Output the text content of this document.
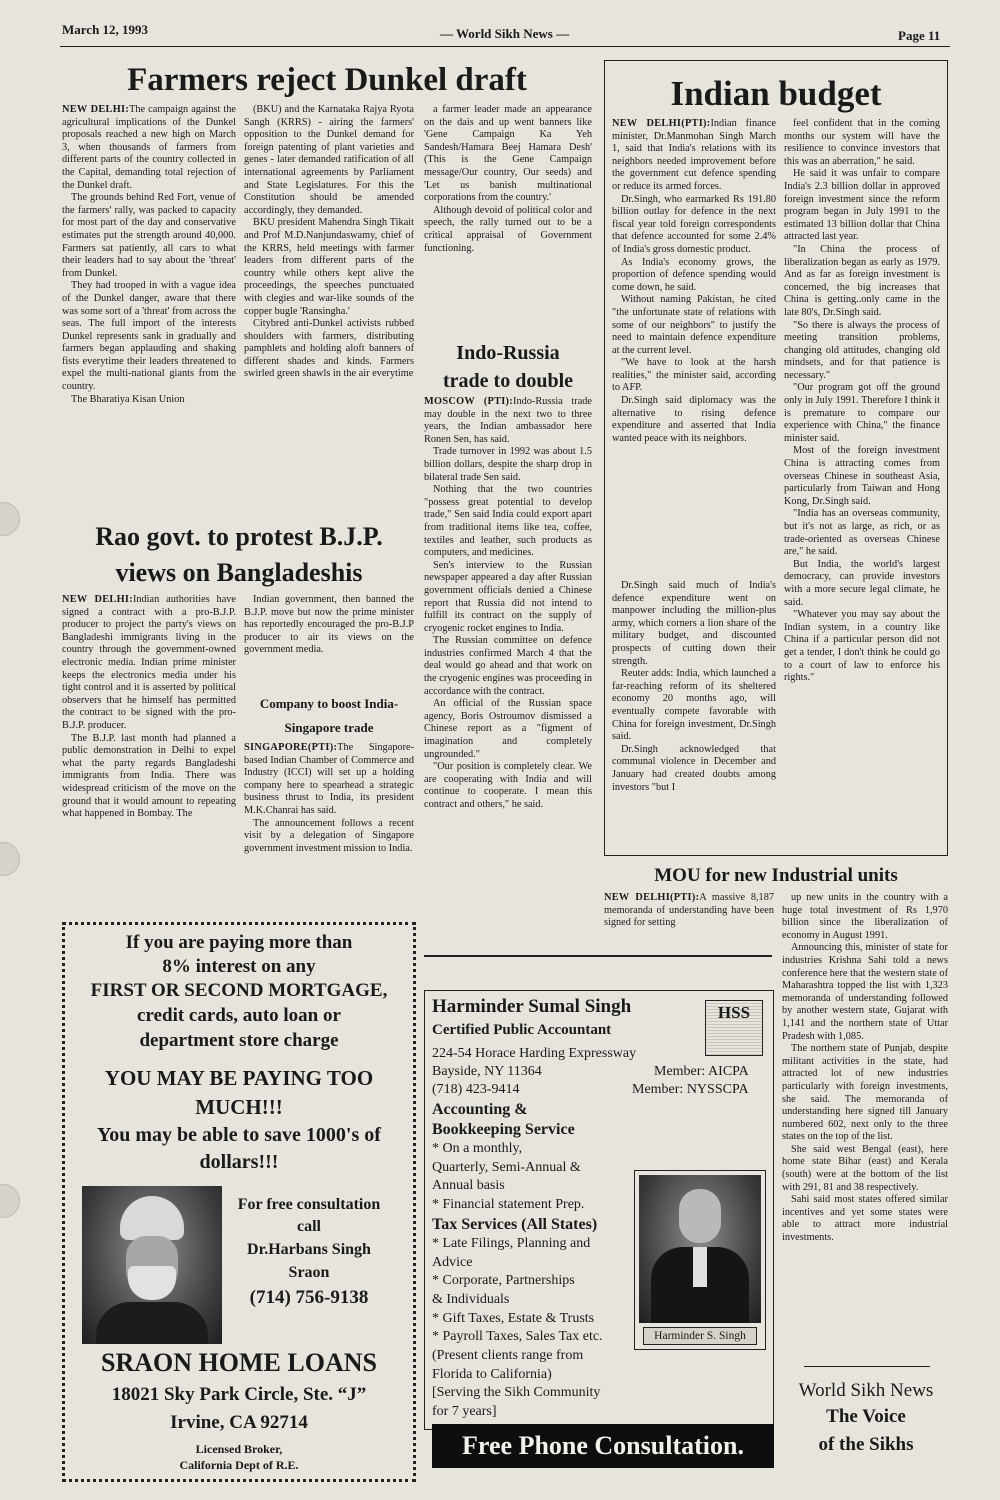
March 12, 1993	— World Sikh News —	Page 11
Farmers reject Dunkel draft

NEW DELHI:The campaign against the agricultural implications of the Dunkel proposals reached a new high on March 3, when thousands of farmers from different parts of the country collected in the Capital, demanding total rejection of the Dunkel draft.

The grounds behind Red Fort, venue of the farmers' rally, was packed to capacity for most part of the day and conservative estimates put the strength around 40,000. Farmers sat patiently, all cars to what their leaders had to say about the 'threat' from Dunkel.

They had trooped in with a vague idea of the Dunkel danger, aware that there was some sort of a 'threat' from across the seas. The full import of the interests Dunkel represents sank in gradually and farmers began applauding and shaking fists everytime their leaders threatened to expel the multi-national giants from the country.

The Bharatiya Kisan Union

(BKU) and the Karnataka Rajya Ryota Sangh (KRRS) - airing the farmers' opposition to the Dunkel demand for foreign patenting of plant varieties and genes - later demanded ratification of all international agreements by Parliament and State Legislatures. For this the Constitution should be amended accordingly, they demanded.

BKU president Mahendra Singh Tikait and Prof M.D.Nanjundaswamy, chief of the KRRS, held meetings with farmer leaders from different parts of the country while others kept alive the proceedings, the speeches punctuated with clegies and war-like sounds of the copper bugle 'Ransingha.'

Citybred anti-Dunkel activists rubbed shoulders with farmers, distributing pamphlets and holding aloft banners of different shades and kinds. Farmers swirled green shawls in the air everytime

a farmer leader made an appearance on the dais and up went banners like 'Gene Campaign Ka Yeh Sandesh/Hamara Beej Hamara Desh' (This is the Gene Campaign message/Our country, Our seeds) and 'Let us banish multinational corporations from the country.'

Although devoid of political color and speech, the rally turned out to be a critical appraisal of Government functioning.

Rao govt. to protest B.J.P.
views on Bangladeshis

NEW DELHI:Indian authorities have signed a contract with a pro-B.J.P. producer to project the party's views on Bangladeshi immigrants living in the country through the government-owned electronic media. Indian prime minister keeps the electronics media under his tight control and it is asserted by political observers that he himself has permitted the contract to be signed with the pro-B.J.P. producer.

The B.J.P. last month had planned a public demonstration in Delhi to expel what the party regards Bangladeshi immigrants from India. There was widespread criticism of the move on the ground that it would amount to repeating what happened in Bombay. The

Indian government, then banned the B.J.P. move but now the prime minister has reportedly encouraged the pro-B.J.P producer to air its views on the government media.

Company to boost India-
Singapore trade

SINGAPORE(PTI):The Singapore-based Indian Chamber of Commerce and Industry (ICCI) will set up a holding company here to spearhead a strategic business thrust to India, its president M.K.Chanrai has said.

The announcement follows a recent visit by a delegation of Singapore government investment mission to India.

Indo-Russia
trade to double

MOSCOW (PTI):Indo-Russia trade may double in the next two to three years, the Indian ambassador here Ronen Sen, has said.

Trade turnover in 1992 was about 1.5 billion dollars, despite the sharp drop in bilateral trade Sen said.

Nothing that the two countries "possess great potential to develop trade," Sen said India could export apart from traditional items like tea, coffee, textiles and leather, such products as computers, and medicines.

Sen's interview to the Russian newspaper appeared a day after Russian government officials denied a Chinese report that Russia did not intend to fulfill its contract on the supply of cryogenic rocket engines to India.

The Russian committee on defence industries confirmed March 4 that the deal would go ahead and that work on the cryogenic engines was proceeding in accordance with the contract.

An official of the Russian space agency, Boris Ostroumov dismissed a Chinese report as a "figment of imagination and completely ungrounded."

"Our position is completely clear. We are cooperating with India and will continue to cooperate. I mean this contract and others," he said.

Indian budget

NEW DELHI(PTI):Indian finance minister, Dr.Manmohan Singh March 1, said that India's relations with its neighbors needed improvement before the government cut defence spending or reduce its armed forces.

Dr.Singh, who earmarked Rs 191.80 billion outlay for defence in the next fiscal year told foreign correspondents that defence accounted for some 2.4% of India's gross domestic product.

As India's economy grows, the proportion of defence spending would come down, he said.

Without naming Pakistan, he cited "the unfortunate state of relations with some of our neighbors" to justify the need to maintain defence expenditure at the current level.

"We have to look at the harsh realities," the minister said, according to AFP.

Dr.Singh said diplomacy was the alternative to rising defence expenditure and asserted that India wanted peace with its neighbors.

Dr.Singh said much of India's defence expenditure went on manpower including the million-plus army, which corners a lion share of the military budget, and discounted prospects of cutting down their strength.

Reuter adds: India, which launched a far-reaching reform of its sheltered economy 20 months ago, will eventually compete favorable with China for foreign investment, Dr.Singh said.

Dr.Singh acknowledged that communal violence in December and January had created doubts among investors "but I

feel confident that in the coming months our system will have the resilience to convince investors that this was an aberration," he said.

He said it was unfair to compare India's 2.3 billion dollar in approved foreign investment since the reform program began in July 1991 to the estimated 13 billion dollar that China attracted last year.

"In China the process of liberalization began as early as 1979. And as far as foreign investment is concerned, the big increases that China is getting..only came in the late 80's, Dr.Singh said.

"So there is always the process of meeting transition problems, changing old attitudes, changing old mindsets, and for that patience is necessary."

"Our program got off the ground only in July 1991. Therefore I think it is premature to compare our experience with China," the finance minister said.

Most of the foreign investment China is attracting comes from overseas Chinese in southeast Asia, particularly from Taiwan and Hong Kong, Dr.Singh said.

"India has an overseas community, but it's not as large, as rich, or as trade-oriented as overseas Chinese are," he said.

But India, the world's largest democracy, can provide investors with a more secure legal climate, he said.

"Whatever you may say about the Indian system, in a country like China if a particular person did not get a tender, I don't think he could go to a court of law to enforce his rights."

MOU for new Industrial units

NEW DELHI(PTI):A massive 8,187 memoranda of understanding have been signed for setting

up new units in the country with a huge total investment of Rs 1,970 billion since the liberalization of economy in August 1991.

Announcing this, minister of state for industries Krishna Sahi told a news conference here that the western state of Maharashtra topped the list with 1,323 memoranda of understanding followed by another western state, Gujarat with 1,141 and the northern state of Uttar Pradesh with 1,085.

The northern state of Punjab, despite militant activities in the state, had attracted lot of new industries particularly with foreign investments, she said. The memoranda of understanding here signed till January numbered 602, next only to the three states on the top of the list.

She said west Bengal (east), here home state Bihar (east) and Kerala (south) were at the bottom of the list with 291, 81 and 38 respectively.

Sahi said most states offered similar incentives and yet some states were able to attract more industrial investments.

If you are paying more than
8% interest on any
FIRST OR SECOND MORTGAGE,
credit cards, auto loan or
department store charge
YOU MAY BE PAYING TOO
MUCH!!!
You may be able to save 1000's of
dollars!!!
For free consultation
call
Dr.Harbans Singh
Sraon
(714) 756-9138
SRAON HOME LOANS
18021 Sky Park Circle, Ste. “J”
Irvine, CA 92714
Licensed Broker,
California Dept of R.E.
Harminder Sumal Singh
Certified Public Accountant
HSS
224-54 Horace Harding Expressway
Bayside, NY 11364
(718) 423-9414
Member: AICPA
Member: NYSSCPA
Accounting &
Bookkeeping Service
* On a monthly,
Quarterly, Semi-Annual &
Annual basis
* Financial statement Prep.
Tax Services (All States)
* Late Filings, Planning and
Advice
* Corporate, Partnerships
& Individuals
* Gift Taxes, Estate & Trusts
* Payroll Taxes, Sales Tax etc.
(Present clients range from
Florida to California)
[Serving the Sikh Community
for 7 years]
Harminder S. Singh
Free Phone Consultation.
World Sikh News
The Voice
of the Sikhs
